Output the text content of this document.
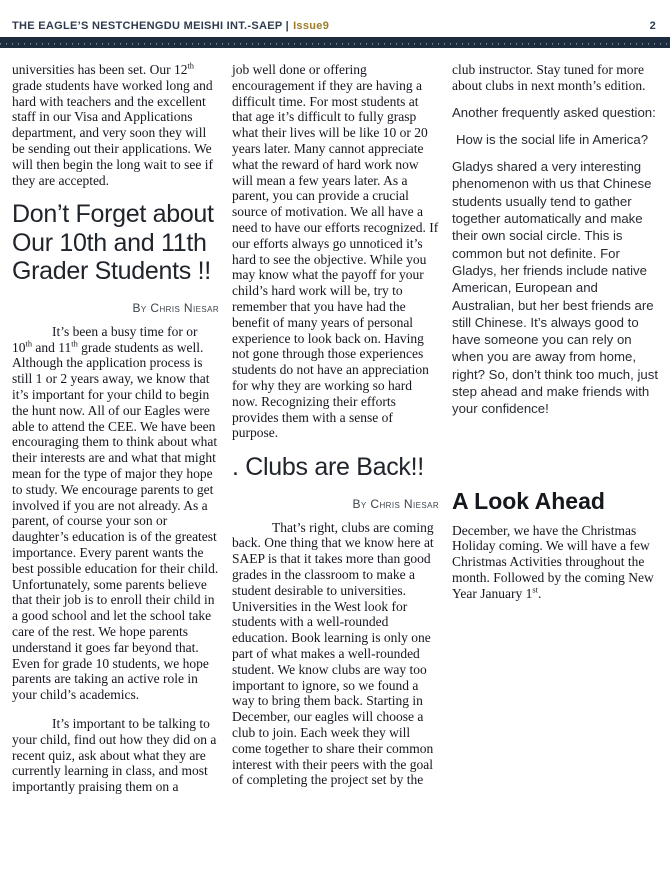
THE EAGLE’S NESTCHENGDU MEISHI INT.-SAEP | Issue9	2

universities has been set. Our 12th grade students have worked long and hard with teachers and the excellent staff in our Visa and Applications department, and very soon they will be sending out their applications. We will then begin the long wait to see if they are accepted.

Don’t Forget about Our 10th and 11th Grader Students !!
By Chris Niesar

It’s been a busy time for or 10th and 11th grade students as well. Although the application process is still 1 or 2 years away, we know that it’s important for your child to begin the hunt now. All of our Eagles were able to attend the CEE. We have been encouraging them to think about what their interests are and what that might mean for the type of major they hope to study. We encourage parents to get involved if you are not already. As a parent, of course your son or daughter’s education is of the greatest importance. Every parent wants the best possible education for their child. Unfortunately, some parents believe that their job is to enroll their child in a good school and let the school take care of the rest. We hope parents understand it goes far beyond that. Even for grade 10 students, we hope parents are taking an active role in your child’s academics.

It’s important to be talking to your child, find out how they did on a recent quiz, ask about what they are currently learning in class, and most importantly praising them on a

job well done or offering encouragement if they are having a difficult time. For most students at that age it’s difficult to fully grasp what their lives will be like 10 or 20 years later. Many cannot appreciate what the reward of hard work now will mean a few years later. As a parent, you can provide a crucial source of motivation. We all have a need to have our efforts recognized. If our efforts always go unnoticed it’s hard to see the objective. While you may know what the payoff for your child’s hard work will be, try to remember that you have had the benefit of many years of personal experience to look back on. Having not gone through those experiences students do not have an appreciation for why they are working so hard now. Recognizing their efforts provides them with a sense of purpose.

. Clubs are Back!!
By Chris Niesar

That’s right, clubs are coming back. One thing that we know here at SAEP is that it takes more than good grades in the classroom to make a student desirable to universities. Universities in the West look for students with a well-rounded education. Book learning is only one part of what makes a well-rounded student. We know clubs are way too important to ignore, so we found a way to bring them back. Starting in December, our eagles will choose a club to join. Each week they will come together to share their common interest with their peers with the goal of completing the project set by the

club instructor. Stay tuned for more about clubs in next month’s edition.

Another frequently asked question:

How is the social life in America?

Gladys shared a very interesting phenomenon with us that Chinese students usually tend to gather together automatically and make their own social circle. This is common but not definite. For Gladys, her friends include native American, European and Australian, but her best friends are still Chinese. It’s always good to have someone you can rely on when you are away from home, right? So, don’t think too much, just step ahead and make friends with your confidence!

A Look Ahead

December, we have the Christmas Holiday coming. We will have a few Christmas Activities throughout the month. Followed by the coming New Year January 1st.
